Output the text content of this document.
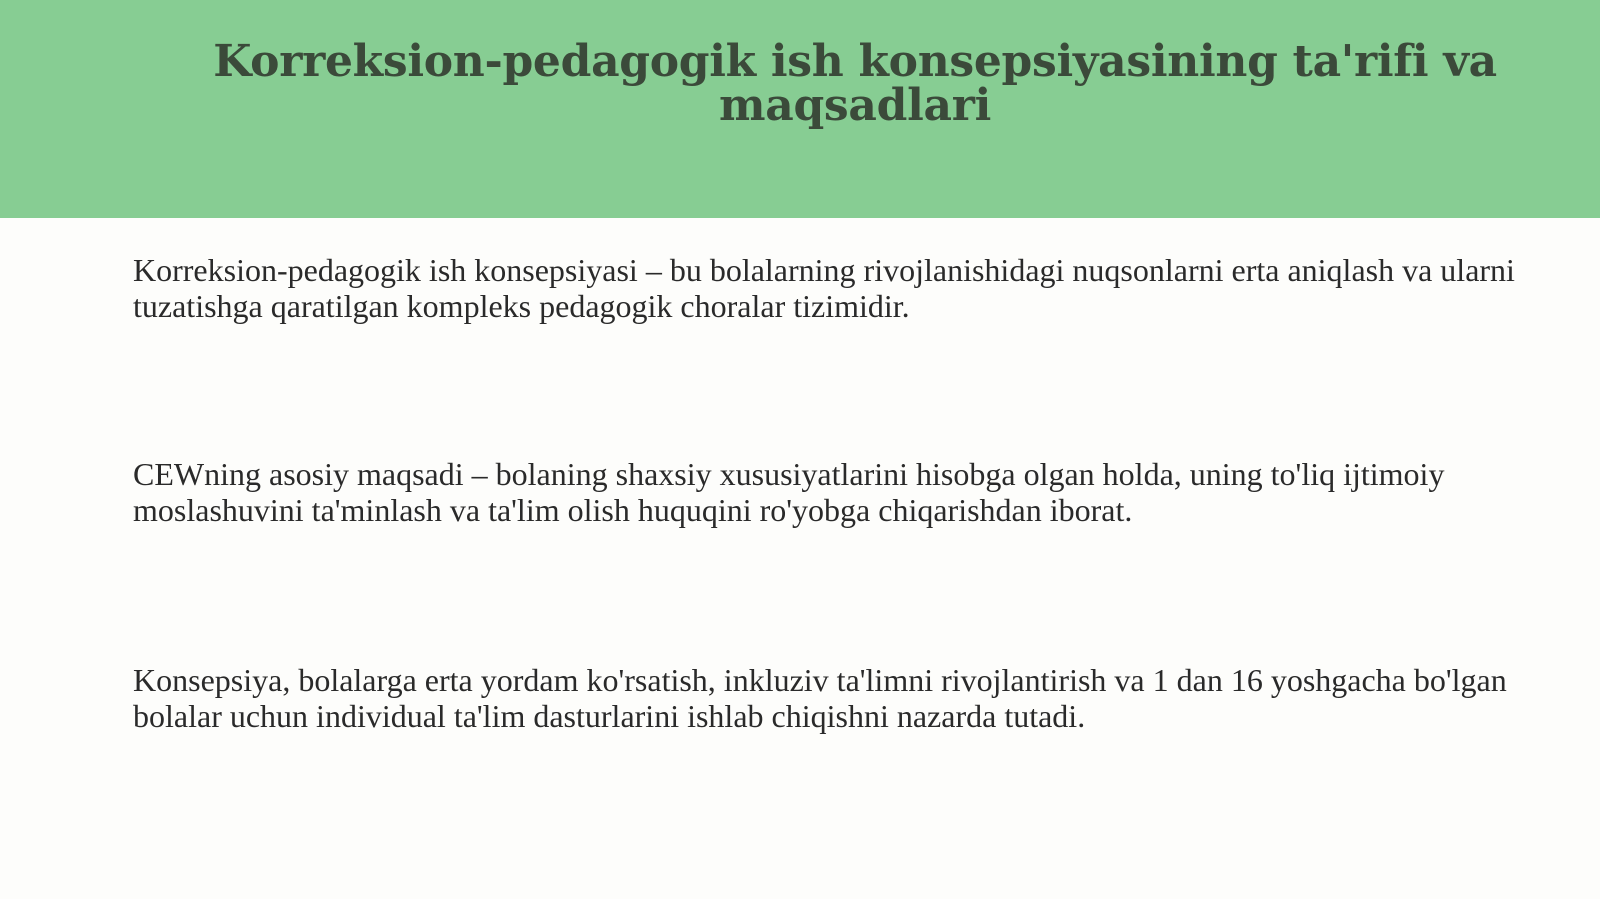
Korreksion-pedagogik ish konsepsiyasining ta'rifi va maqsadlari

Korreksion-pedagogik ish konsepsiyasi – bu bolalarning rivojlanishidagi nuqsonlarni erta aniqlash va ularni tuzatishga qaratilgan kompleks pedagogik choralar tizimidir.

CEWning asosiy maqsadi – bolaning shaxsiy xususiyatlarini hisobga olgan holda, uning to'liq ijtimoiy moslashuvini ta'minlash va ta'lim olish huquqini ro'yobga chiqarishdan iborat.

Konsepsiya, bolalarga erta yordam ko'rsatish, inkluziv ta'limni rivojlantirish va 1 dan 16 yoshgacha bo'lgan bolalar uchun individual ta'lim dasturlarini ishlab chiqishni nazarda tutadi.
